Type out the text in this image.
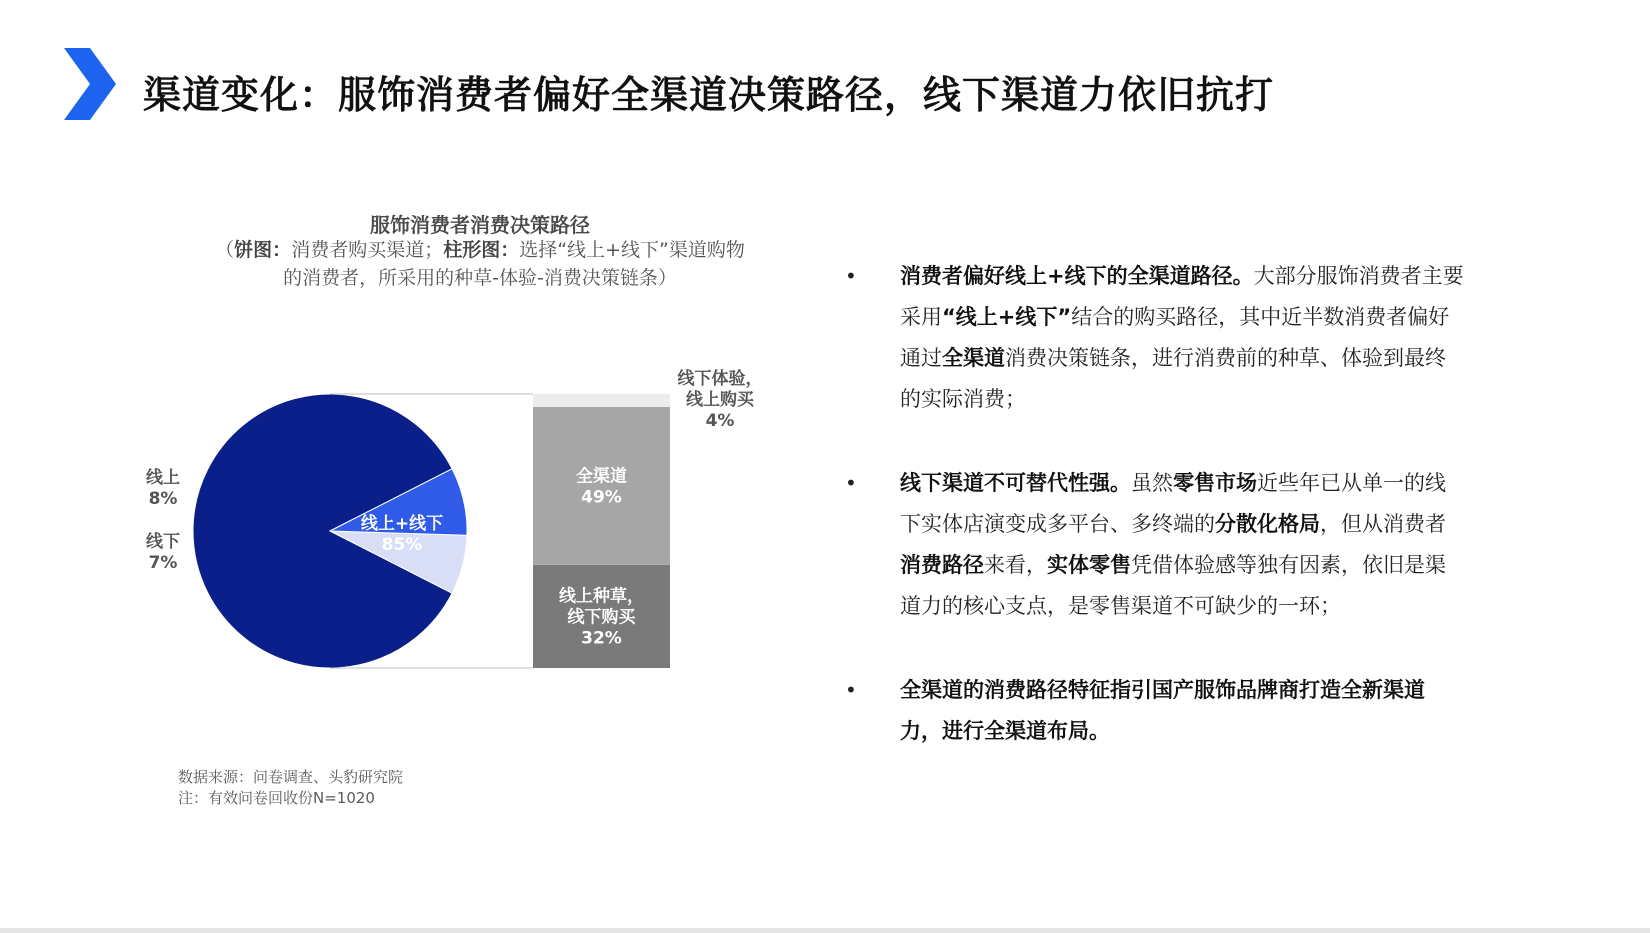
渠道变化：服饰消费者偏好全渠道决策路径，线下渠道力依旧抗打
服饰消费者消费决策路径
（饼图：消费者购买渠道；柱形图：选择“线上+线下”渠道购物的消费者，所采用的种草-体验-消费决策链条）
线上+线下 85%
线下 7%
线上 8%
线上种草，线下购买 32%
全渠道 49%
线下体验，线上购买 4%
数据来源：问卷调查、头豹研究院
注：有效问卷回收份N=1020
• 消费者偏好线上+线下的全渠道路径。大部分服饰消费者主要采用“线上+线下”结合的购买路径，其中近半数消费者偏好通过全渠道消费决策链条，进行消费前的种草、体验到最终的实际消费；
• 线下渠道不可替代性强。虽然零售市场近些年已从单一的线下实体店演变成多平台、多终端的分散化格局，但从消费者消费路径来看，实体零售凭借体验感等独有因素，依旧是渠道力的核心支点，是零售渠道不可缺少的一环；
• 全渠道的消费路径特征指引国产服饰品牌商打造全新渠道力，进行全渠道布局。
